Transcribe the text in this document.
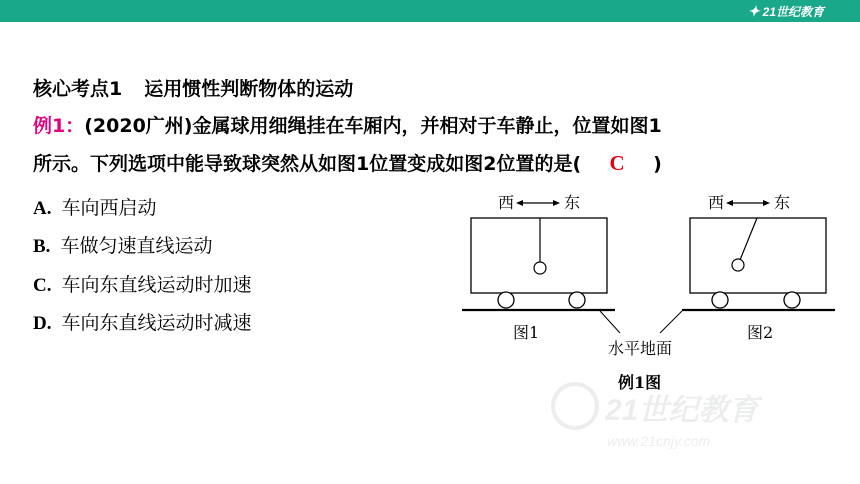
✦ 21世纪教育
核心考点1 运用惯性判断物体的运动
例1：(2020广州)金属球用细绳挂在车厢内，并相对于车静止，位置如图1
所示。下列选项中能导致球突然从如图1位置变成如图2位置的是( C )
A. 车向西启动
B. 车做匀速直线运动
C. 车向东直线运动时加速
D. 车向东直线运动时减速
西	东
图1
西	东
图2
水平地面
例1图
21世纪教育
www.21cnjy.com
